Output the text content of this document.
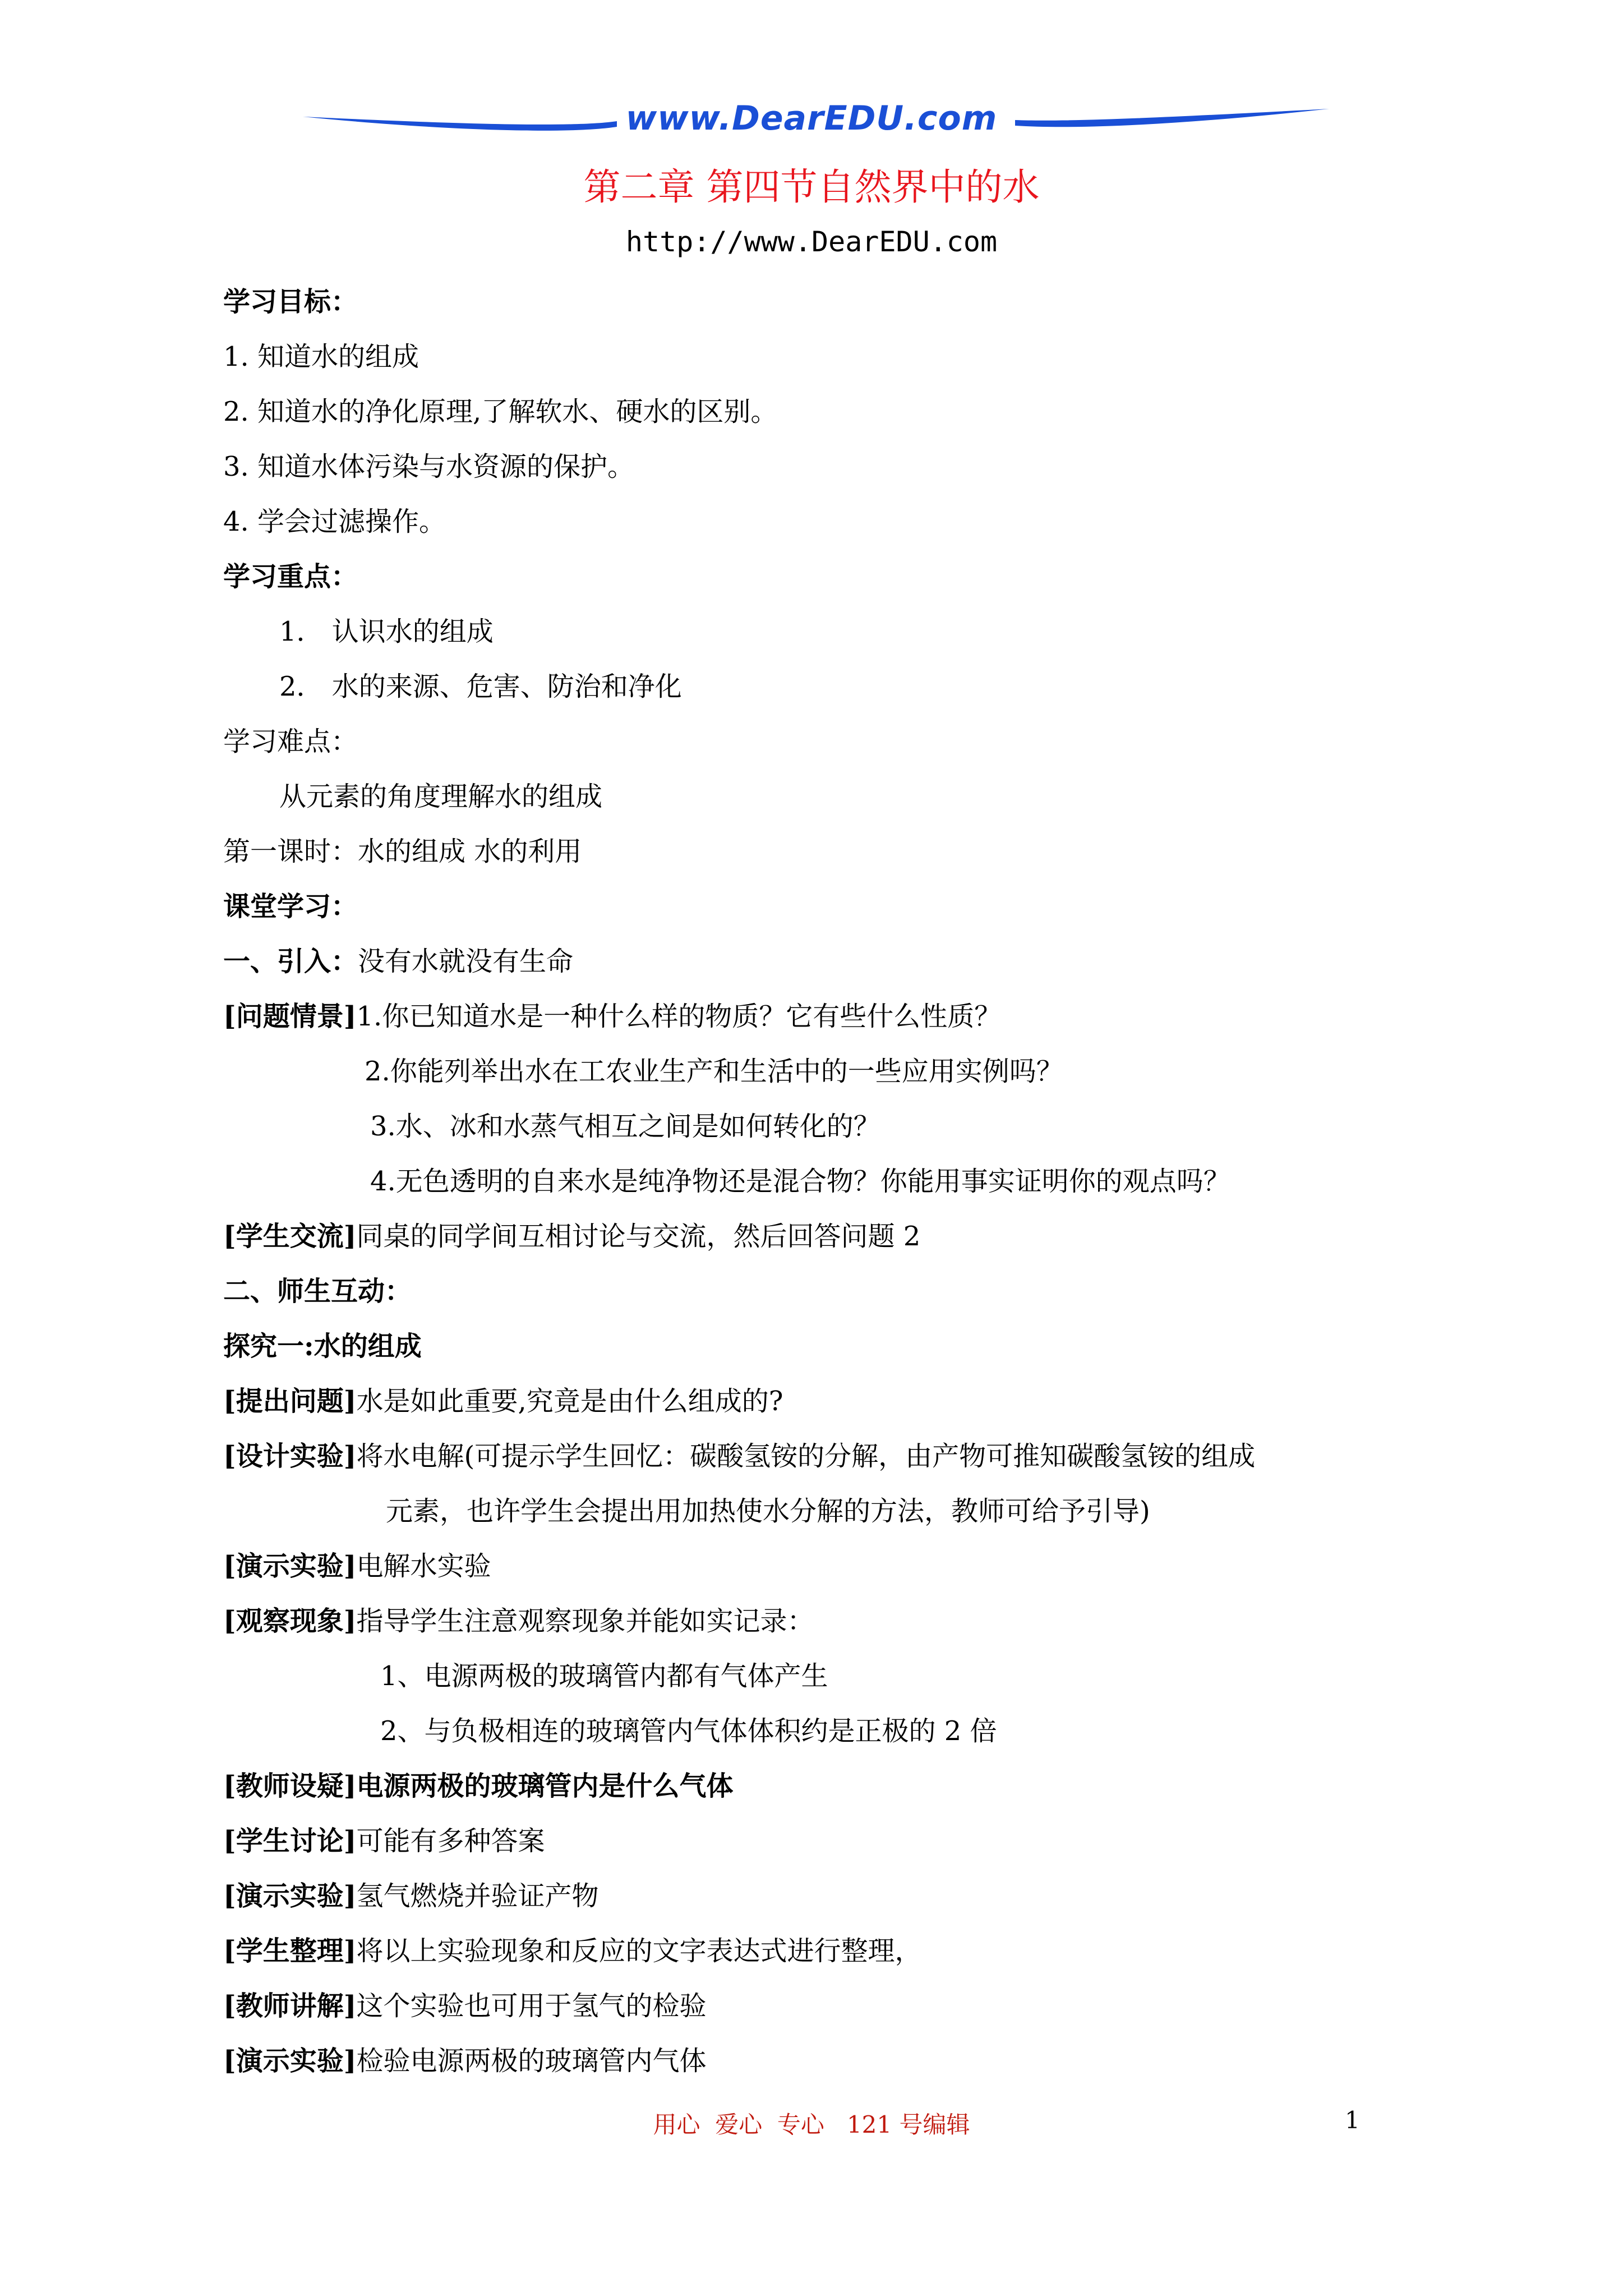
www.DearEDU.com
第二章 第四节自然界中的水
http://www.DearEDU.com
学习目标：
1. 知道水的组成
2. 知道水的净化原理,了解软水、硬水的区别。
3. 知道水体污染与水资源的保护。
4. 学会过滤操作。
学习重点：
1． 认识水的组成
2． 水的来源、危害、防治和净化
学习难点：
从元素的角度理解水的组成
第一课时：水的组成 水的利用
课堂学习：
一、引入：没有水就没有生命
[问题情景]1.你已知道水是一种什么样的物质？它有些什么性质？
2.你能列举出水在工农业生产和生活中的一些应用实例吗？
3.水、冰和水蒸气相互之间是如何转化的？
4.无色透明的自来水是纯净物还是混合物？你能用事实证明你的观点吗？
[学生交流]同桌的同学间互相讨论与交流，然后回答问题 2
二、师生互动：
探究一:水的组成
[提出问题]水是如此重要,究竟是由什么组成的?
[设计实验]将水电解(可提示学生回忆：碳酸氢铵的分解，由产物可推知碳酸氢铵的组成
元素，也许学生会提出用加热使水分解的方法，教师可给予引导)
[演示实验]电解水实验
[观察现象]指导学生注意观察现象并能如实记录：
1、电源两极的玻璃管内都有气体产生
2、与负极相连的玻璃管内气体体积约是正极的 2 倍
[教师设疑]电源两极的玻璃管内是什么气体
[学生讨论]可能有多种答案
[演示实验]氢气燃烧并验证产物
[学生整理]将以上实验现象和反应的文字表达式进行整理，
[教师讲解]这个实验也可用于氢气的检验
[演示实验]检验电源两极的玻璃管内气体
用心  爱心  专心   121 号编辑	1
